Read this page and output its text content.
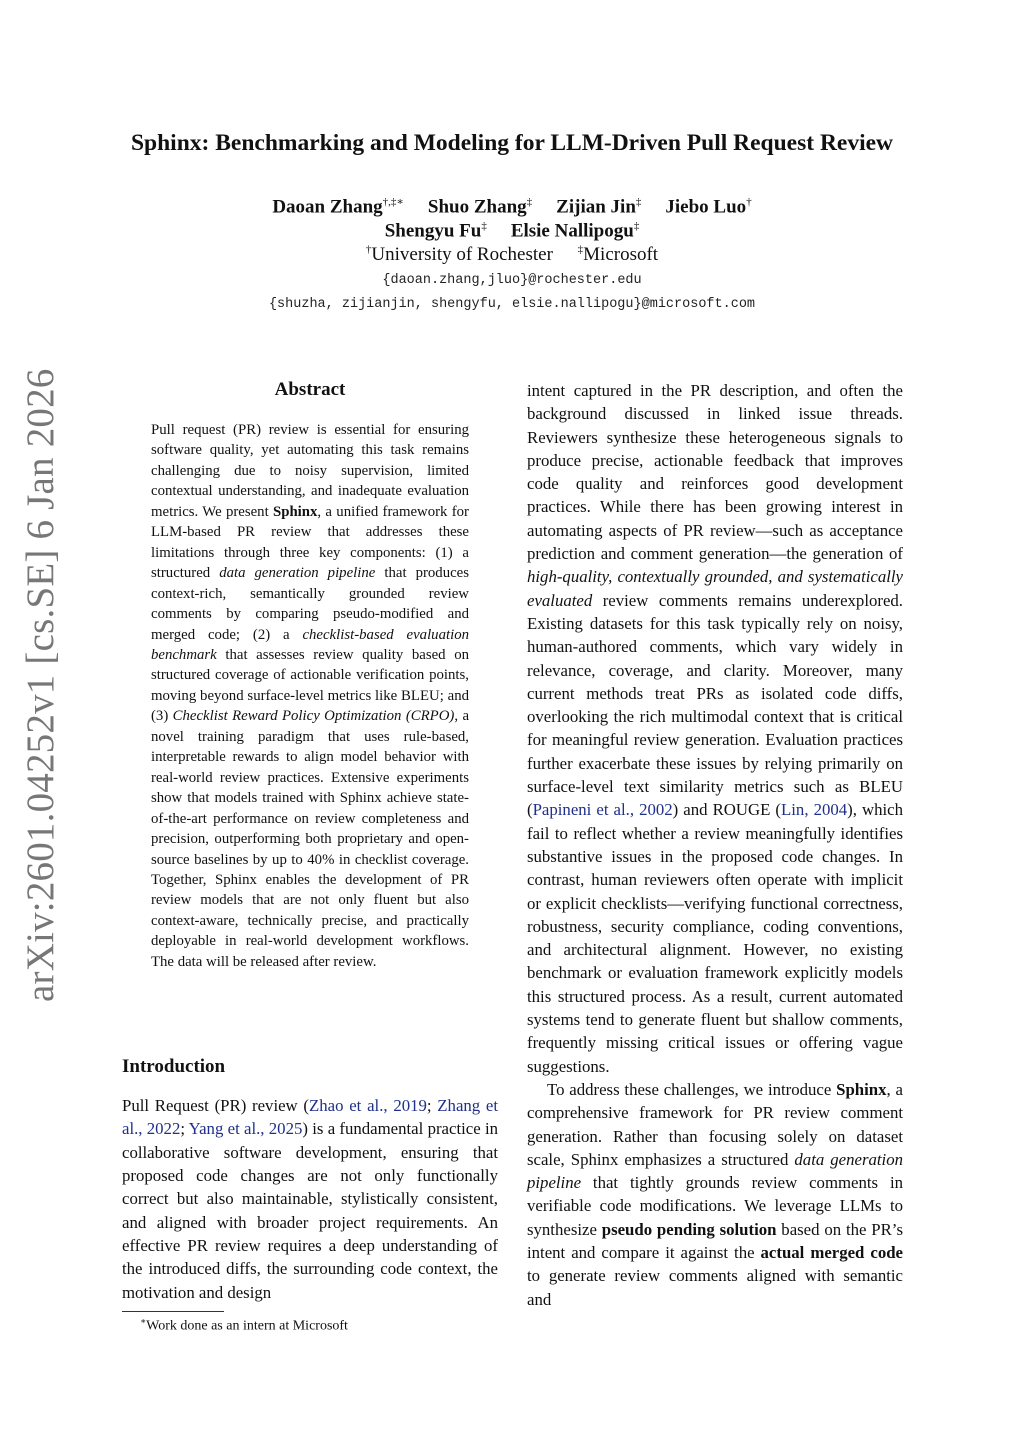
arXiv:2601.04252v1 [cs.SE] 6 Jan 2026
Sphinx: Benchmarking and Modeling for LLM-Driven Pull Request Review
Daoan Zhang†,‡∗ Shuo Zhang‡ Zijian Jin‡ Jiebo Luo†
Shengyu Fu‡ Elsie Nallipogu‡
†University of Rochester ‡Microsoft
{daoan.zhang,jluo}@rochester.edu
{shuzha, zijianjin, shengyfu, elsie.nallipogu}@microsoft.com
Abstract
Pull request (PR) review is essential for ensuring software quality, yet automating this task remains challenging due to noisy supervision, limited contextual understanding, and inadequate evaluation metrics. We present Sphinx, a unified framework for LLM-based PR review that addresses these limitations through three key components: (1) a structured data generation pipeline that produces context-rich, semantically grounded review comments by comparing pseudo-modified and merged code; (2) a checklist-based evaluation benchmark that assesses review quality based on structured coverage of actionable verification points, moving beyond surface-level metrics like BLEU; and (3) Checklist Reward Policy Optimization (CRPO), a novel training paradigm that uses rule-based, interpretable rewards to align model behavior with real-world review practices. Extensive experiments show that models trained with Sphinx achieve state-of-the-art performance on review completeness and precision, outperforming both proprietary and open-source baselines by up to 40% in checklist coverage. Together, Sphinx enables the development of PR review models that are not only fluent but also context-aware, technically precise, and practically deployable in real-world development workflows. The data will be released after review.
Introduction
Pull Request (PR) review (Zhao et al., 2019; Zhang et al., 2022; Yang et al., 2025) is a fundamental practice in collaborative software development, ensuring that proposed code changes are not only functionally correct but also maintainable, stylistically consistent, and aligned with broader project requirements. An effective PR review requires a deep understanding of the introduced diffs, the surrounding code context, the motivation and design

intent captured in the PR description, and often the background discussed in linked issue threads. Reviewers synthesize these heterogeneous signals to produce precise, actionable feedback that improves code quality and reinforces good development practices. While there has been growing interest in automating aspects of PR review—such as acceptance prediction and comment generation—the generation of high-quality, contextually grounded, and systematically evaluated review comments remains underexplored. Existing datasets for this task typically rely on noisy, human-authored comments, which vary widely in relevance, coverage, and clarity. Moreover, many current methods treat PRs as isolated code diffs, overlooking the rich multimodal context that is critical for meaningful review generation. Evaluation practices further exacerbate these issues by relying primarily on surface-level text similarity metrics such as BLEU (Papineni et al., 2002) and ROUGE (Lin, 2004), which fail to reflect whether a review meaningfully identifies substantive issues in the proposed code changes. In contrast, human reviewers often operate with implicit or explicit checklists—verifying functional correctness, robustness, security compliance, coding conventions, and architectural alignment. However, no existing benchmark or evaluation framework explicitly models this structured process. As a result, current automated systems tend to generate fluent but shallow comments, frequently missing critical issues or offering vague suggestions.

To address these challenges, we introduce Sphinx, a comprehensive framework for PR review comment generation. Rather than focusing solely on dataset scale, Sphinx emphasizes a structured data generation pipeline that tightly grounds review comments in verifiable code modifications. We leverage LLMs to synthesize pseudo pending solution based on the PR’s intent and compare it against the actual merged code to generate review comments aligned with semantic and

∗Work done as an intern at Microsoft
